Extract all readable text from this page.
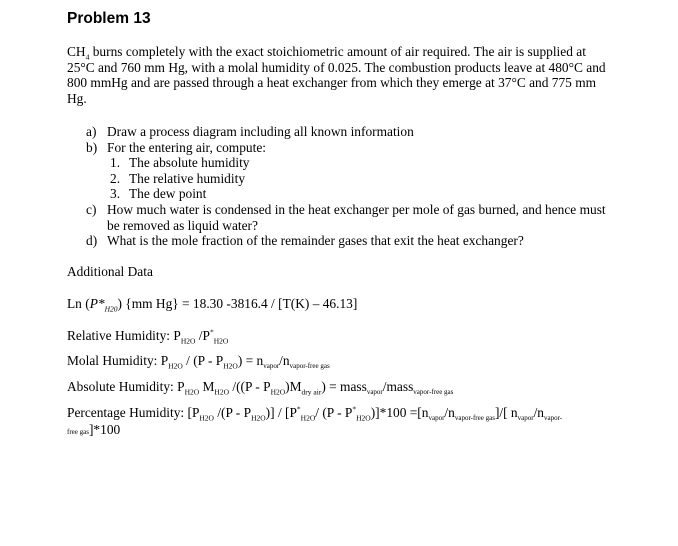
Problem 13
$CH_4$ burns completely with the exact stoichiometric amount of air required. The air is supplied at 25°C and 760 mm Hg, with a molal humidity of 0.025. The combustion products leave at 480°C and 800 mmHg and are passed through a heat exchanger from which they emerge at 37°C and 775 mm Hg.
a) Draw a process diagram including all known information
b) For the entering air, compute:
1. The absolute humidity
2. The relative humidity
3. The dew point
c) How much water is condensed in the heat exchanger per mole of gas burned, and hence must be removed as liquid water?
d) What is the mole fraction of the remainder gases that exit the heat exchanger?
Additional Data
Ln $(P*_{H20})$ {mm Hg} = 18.30 -3816.4 / [T(K) – 46.13]
Relative Humidity: $P_{H2O}$ $/P^*_{H2O}$
Molal Humidity: $P_{H2O} / (P - P_{H2O}) = n_{vapor}/n_{vapor-free gas}$
Absolute Humidity: $P_{H2O}$ $M_{H2O}$ $/((P - P_{H2O})M_{dry air})$ = mass$_{vapor}$/mass$_{vapor-free gas}$
Percentage Humidity: [$P_{H2O}$ $/(P - P_{H2O})] / [P^*_{H2O}/$ $(P - P^*_{H2O})]*100 =[n_{vapor}/n_{vapor-free gas}]/$[ $n_{vapor}/n_{vapor-}$
free gas]*100
